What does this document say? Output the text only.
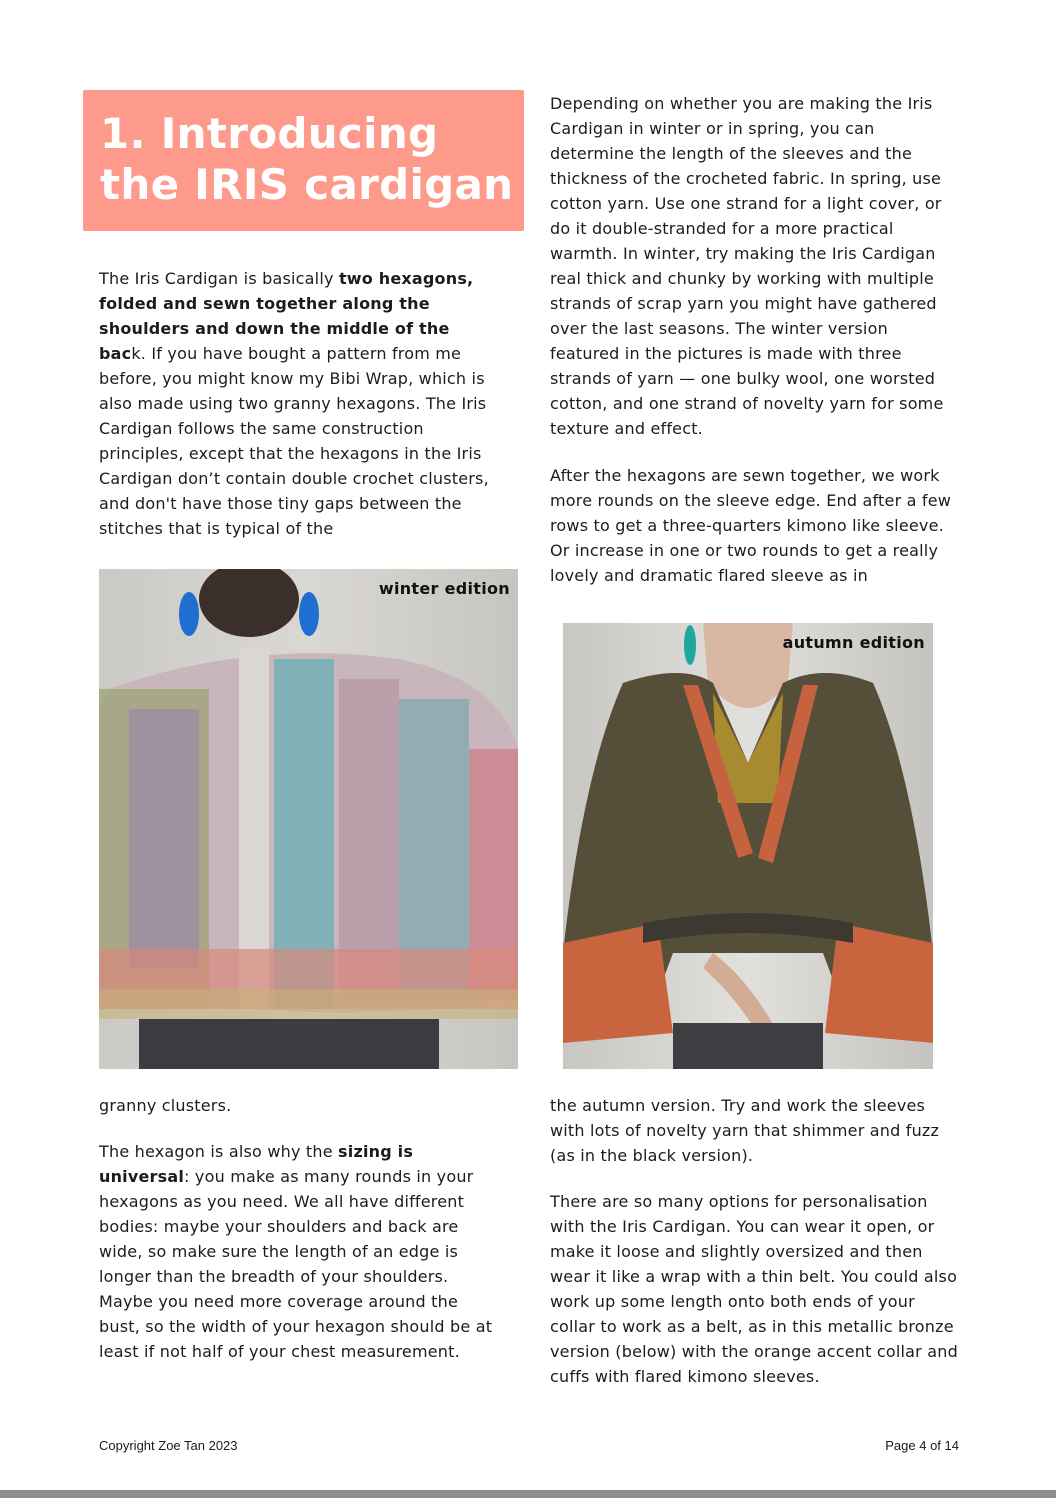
1. Introducing
the IRIS cardigan

The Iris Cardigan is basically two hexagons, folded and sewn together along the shoulders and down the middle of the back. If you have bought a pattern from me before, you might know my Bibi Wrap, which is also made using two granny hexagons. The Iris Cardigan follows the same construction principles, except that the hexagons in the Iris Cardigan don’t contain double crochet clusters, and don't have those tiny gaps between the stitches that is typical of the

winter edition

granny clusters.

The hexagon is also why the sizing is universal: you make as many rounds in your hexagons as you need. We all have different bodies: maybe your shoulders and back are wide, so make sure the length of an edge is longer than the breadth of your shoulders. Maybe you need more coverage around the bust, so the width of your hexagon should be at least if not half of your chest measurement.

Depending on whether you are making the Iris Cardigan in winter or in spring, you can determine the length of the sleeves and the thickness of the crocheted fabric. In spring, use cotton yarn. Use one strand for a light cover, or do it double-stranded for a more practical warmth. In winter, try making the Iris Cardigan real thick and chunky by working with multiple strands of scrap yarn you might have gathered over the last seasons. The winter version featured in the pictures is made with three strands of yarn — one bulky wool, one worsted cotton, and one strand of novelty yarn for some texture and effect.

After the hexagons are sewn together, we work more rounds on the sleeve edge. End after a few rows to get a three-quarters kimono like sleeve. Or increase in one or two rounds to get a really lovely and dramatic flared sleeve as in

autumn edition

the autumn version. Try and work the sleeves with lots of novelty yarn that shimmer and fuzz (as in the black version).

There are so many options for personalisation with the Iris Cardigan. You can wear it open, or make it loose and slightly oversized and then wear it like a wrap with a thin belt. You could also work up some length onto both ends of your collar to work as a belt, as in this metallic bronze version (below) with the orange accent collar and cuffs with flared kimono sleeves.

Copyright Zoe Tan 2023	Page 4 of 14
